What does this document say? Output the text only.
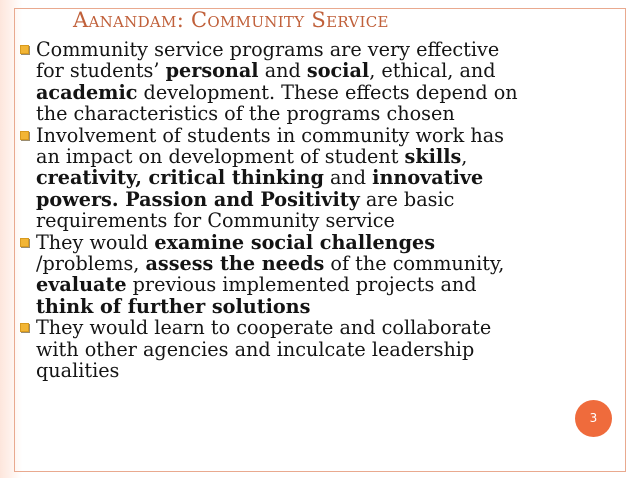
Aanandam: Community Service
Community service programs are very effective
for students’ personal and social, ethical, and
academic development. These effects depend on
the characteristics of the programs chosen
Involvement of students in community work has
an impact on development of student skills,
creativity, critical thinking and innovative
powers. Passion and Positivity are basic
requirements for Community service
They would examine social challenges
/problems, assess the needs of the community,
evaluate previous implemented projects and
think of further solutions
They would learn to cooperate and collaborate
with other agencies and inculcate leadership
qualities
3
